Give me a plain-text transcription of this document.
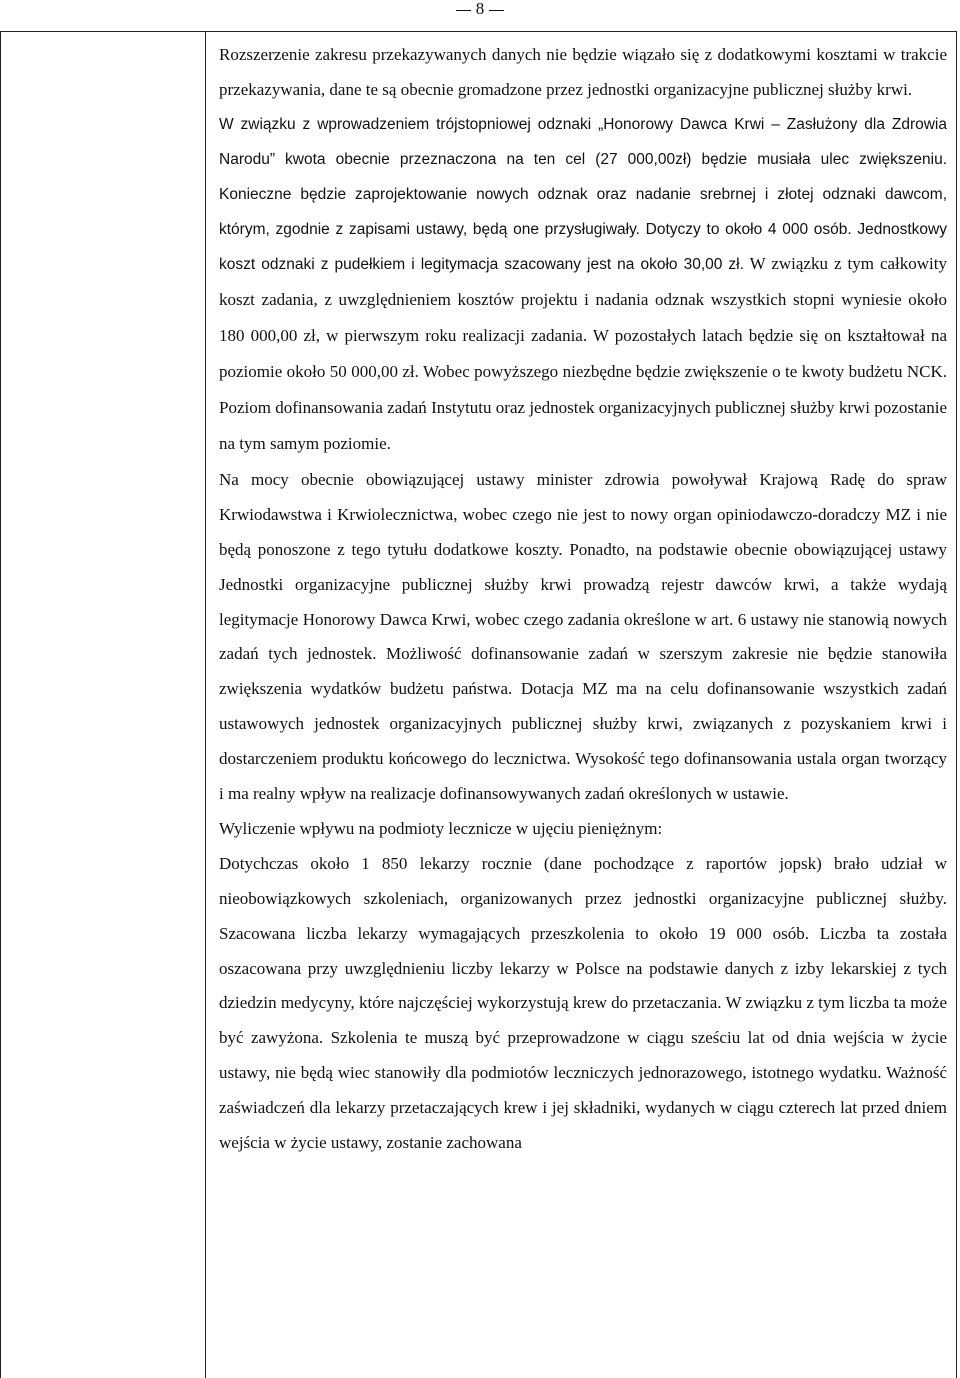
8

Rozszerzenie zakresu przekazywanych danych nie będzie wiązało się z dodatkowymi kosztami w trakcie przekazywania, dane te są obecnie gromadzone przez jednostki organizacyjne publicznej służby krwi.

W związku z wprowadzeniem trójstopniowej odznaki „Honorowy Dawca Krwi – Zasłużony dla Zdrowia Narodu” kwota obecnie przeznaczona na ten cel (27 000,00zł) będzie musiała ulec zwiększeniu. Konieczne będzie zaprojektowanie nowych odznak oraz nadanie srebrnej i złotej odznaki dawcom, którym, zgodnie z zapisami ustawy, będą one przysługiwały. Dotyczy to około 4 000 osób. Jednostkowy koszt odznaki z pudełkiem i legitymacja szacowany jest na około 30,00 zł. W związku z tym całkowity koszt zadania, z uwzględnieniem kosztów projektu i nadania odznak wszystkich stopni wyniesie około 180 000,00 zł, w pierwszym roku realizacji zadania. W pozostałych latach będzie się on kształtował na poziomie około 50 000,00 zł. Wobec powyższego niezbędne będzie zwiększenie o te kwoty budżetu NCK. Poziom dofinansowania zadań Instytutu oraz jednostek organizacyjnych publicznej służby krwi pozostanie na tym samym poziomie.

Na mocy obecnie obowiązującej ustawy minister zdrowia powoływał Krajową Radę do spraw Krwiodawstwa i Krwiolecznictwa, wobec czego nie jest to nowy organ opiniodawczo-doradczy MZ i nie będą ponoszone z tego tytułu dodatkowe koszty. Ponadto, na podstawie obecnie obowiązującej ustawy Jednostki organizacyjne publicznej służby krwi prowadzą rejestr dawców krwi, a także wydają legitymacje Honorowy Dawca Krwi, wobec czego zadania określone w art. 6 ustawy nie stanowią nowych zadań tych jednostek. Możliwość dofinansowanie zadań w szerszym zakresie nie będzie stanowiła zwiększenia wydatków budżetu państwa. Dotacja MZ ma na celu dofinansowanie wszystkich zadań ustawowych jednostek organizacyjnych publicznej służby krwi, związanych z pozyskaniem krwi i dostarczeniem produktu końcowego do lecznictwa. Wysokość tego dofinansowania ustala organ tworzący i ma realny wpływ na realizacje dofinansowywanych zadań określonych w ustawie.

Wyliczenie wpływu na podmioty lecznicze w ujęciu pieniężnym:

Dotychczas około 1 850 lekarzy rocznie (dane pochodzące z raportów jopsk) brało udział w nieobowiązkowych szkoleniach, organizowanych przez jednostki organizacyjne publicznej służby. Szacowana liczba lekarzy wymagających przeszkolenia to około 19 000 osób. Liczba ta została oszacowana przy uwzględnieniu liczby lekarzy w Polsce na podstawie danych z izby lekarskiej z tych dziedzin medycyny, które najczęściej wykorzystują krew do przetaczania. W związku z tym liczba ta może być zawyżona. Szkolenia te muszą być przeprowadzone w ciągu sześciu lat od dnia wejścia w życie ustawy, nie będą wiec stanowiły dla podmiotów leczniczych jednorazowego, istotnego wydatku. Ważność zaświadczeń dla lekarzy przetaczających krew i jej składniki, wydanych w ciągu czterech lat przed dniem wejścia w życie ustawy, zostanie zachowana
